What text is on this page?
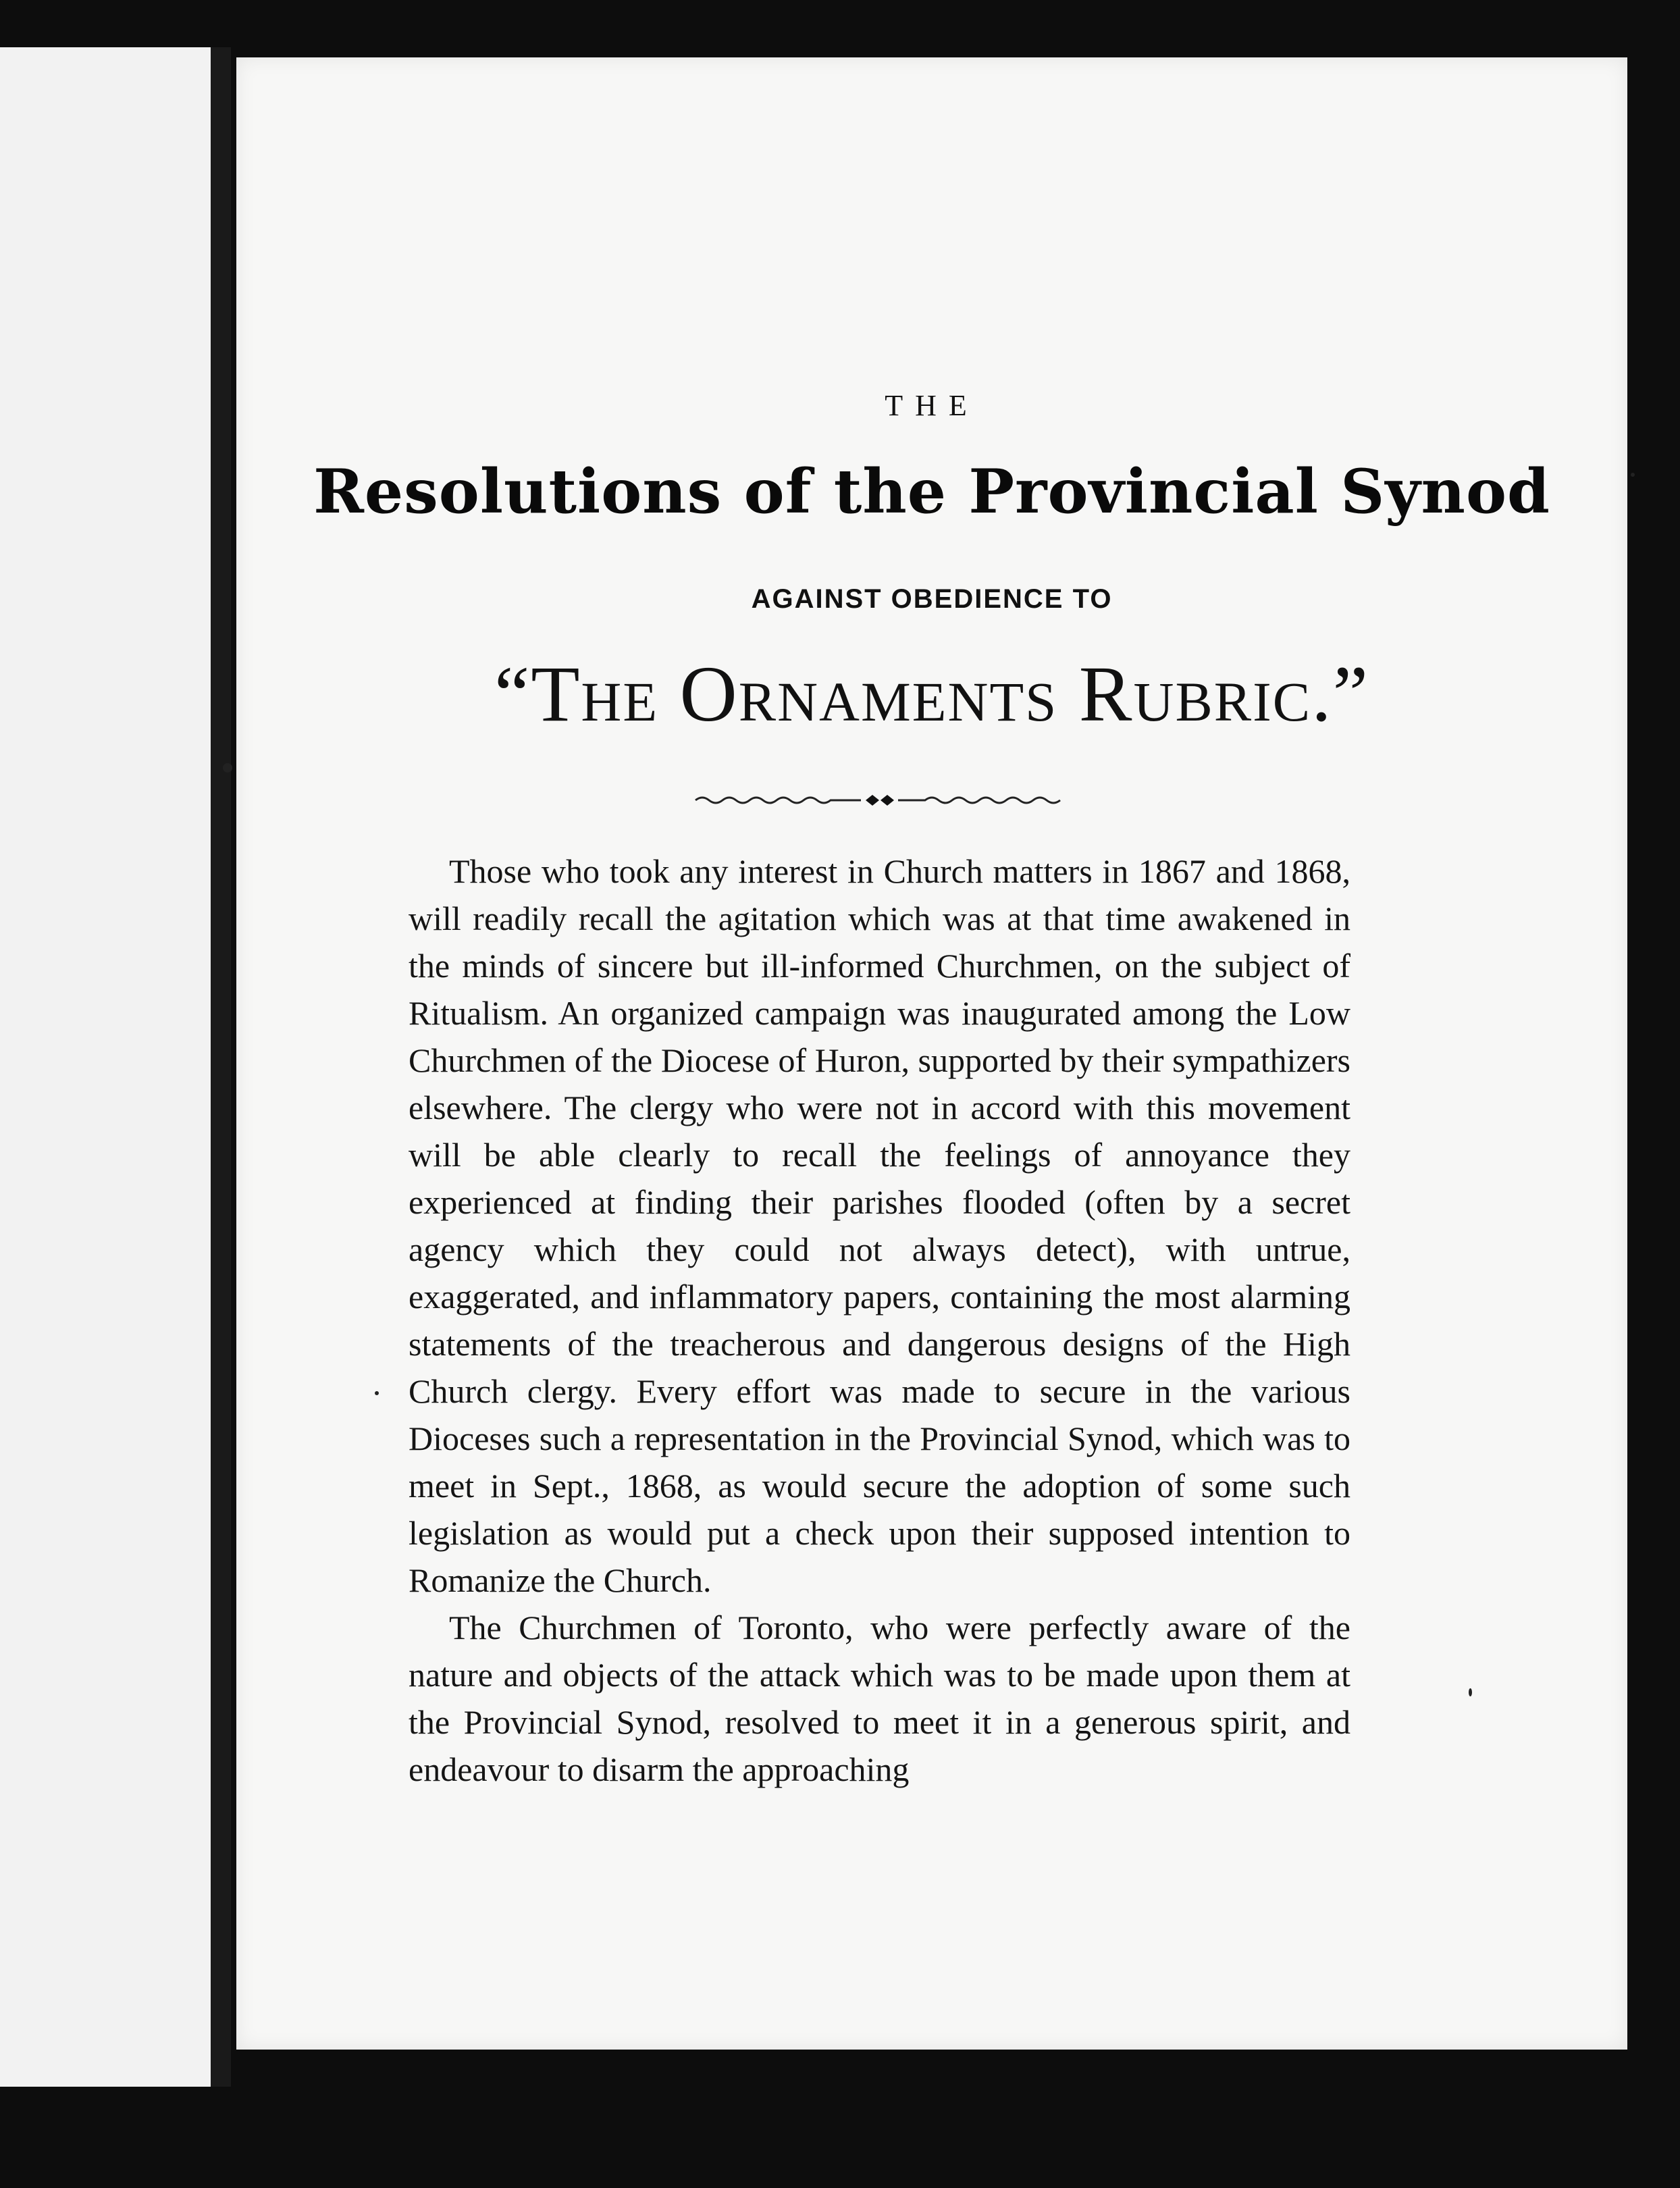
THE
Resolutions of the Provincial Synod
AGAINST OBEDIENCE TO
“The Ornaments Rubric.”

Those who took any interest in Church matters in 1867 and 1868, will readily recall the agitation which was at that time awakened in the minds of sincere but ill-informed Churchmen, on the subject of Ritualism. An organized campaign was inaugurated among the Low Churchmen of the Diocese of Huron, supported by their sympathizers elsewhere. The clergy who were not in accord with this movement will be able clearly to recall the feelings of annoyance they experienced at finding their parishes flooded (often by a secret agency which they could not always detect), with untrue, exaggerated, and inflammatory papers, containing the most alarming statements of the treacherous and dangerous designs of the High Church clergy. Every effort was made to secure in the various Dioceses such a representation in the Provincial Synod, which was to meet in Sept., 1868, as would secure the adoption of some such legislation as would put a check upon their supposed intention to Romanize the Church.

The Churchmen of Toronto, who were perfectly aware of the nature and objects of the attack which was to be made upon them at the Provincial Synod, resolved to meet it in a generous spirit, and endeavour to disarm the approaching
